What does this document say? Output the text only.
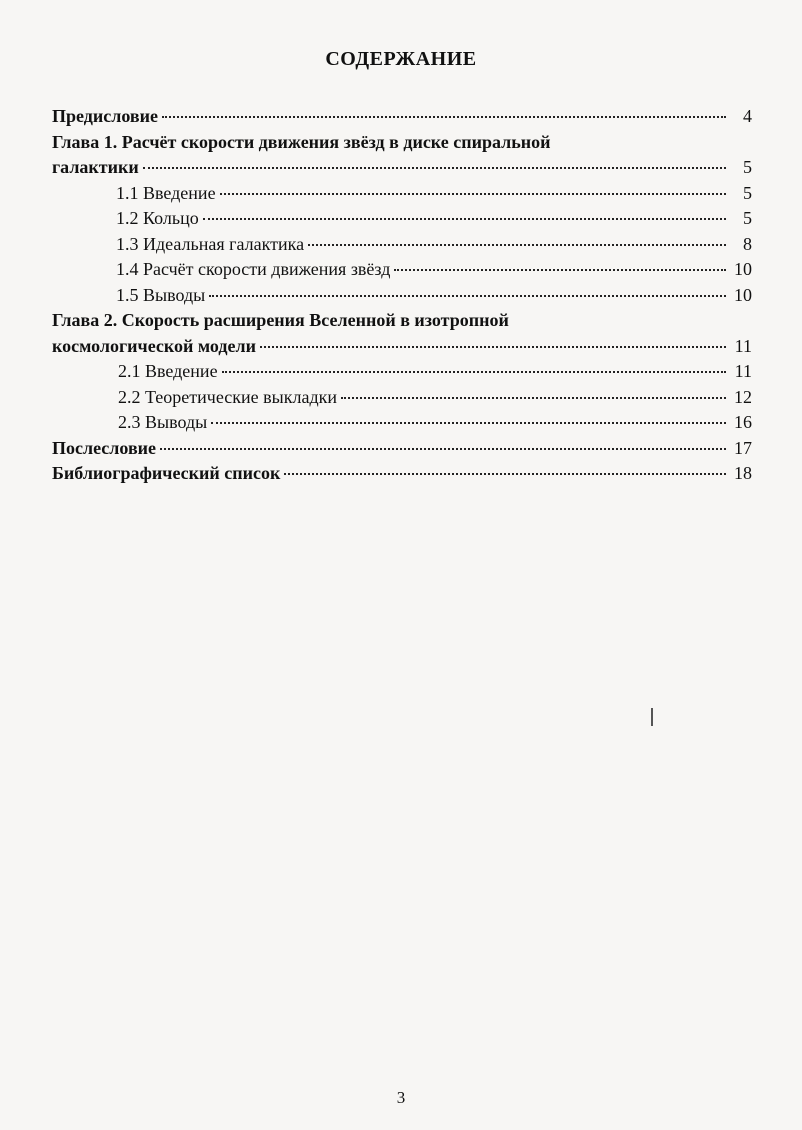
СОДЕРЖАНИЕ
Предисловие	4
Глава 1. Расчёт скорости движения звёзд в диске спиральной
галактики	5
1.1 Введение	5
1.2 Кольцо	5
1.3 Идеальная галактика	8
1.4 Расчёт скорости движения звёзд	10
1.5 Выводы	10
Глава 2. Скорость расширения Вселенной в изотропной
космологической модели	11
2.1 Введение	11
2.2 Теоретические выкладки	12
2.3 Выводы	16
Послесловие	17
Библиографический список	18
3
